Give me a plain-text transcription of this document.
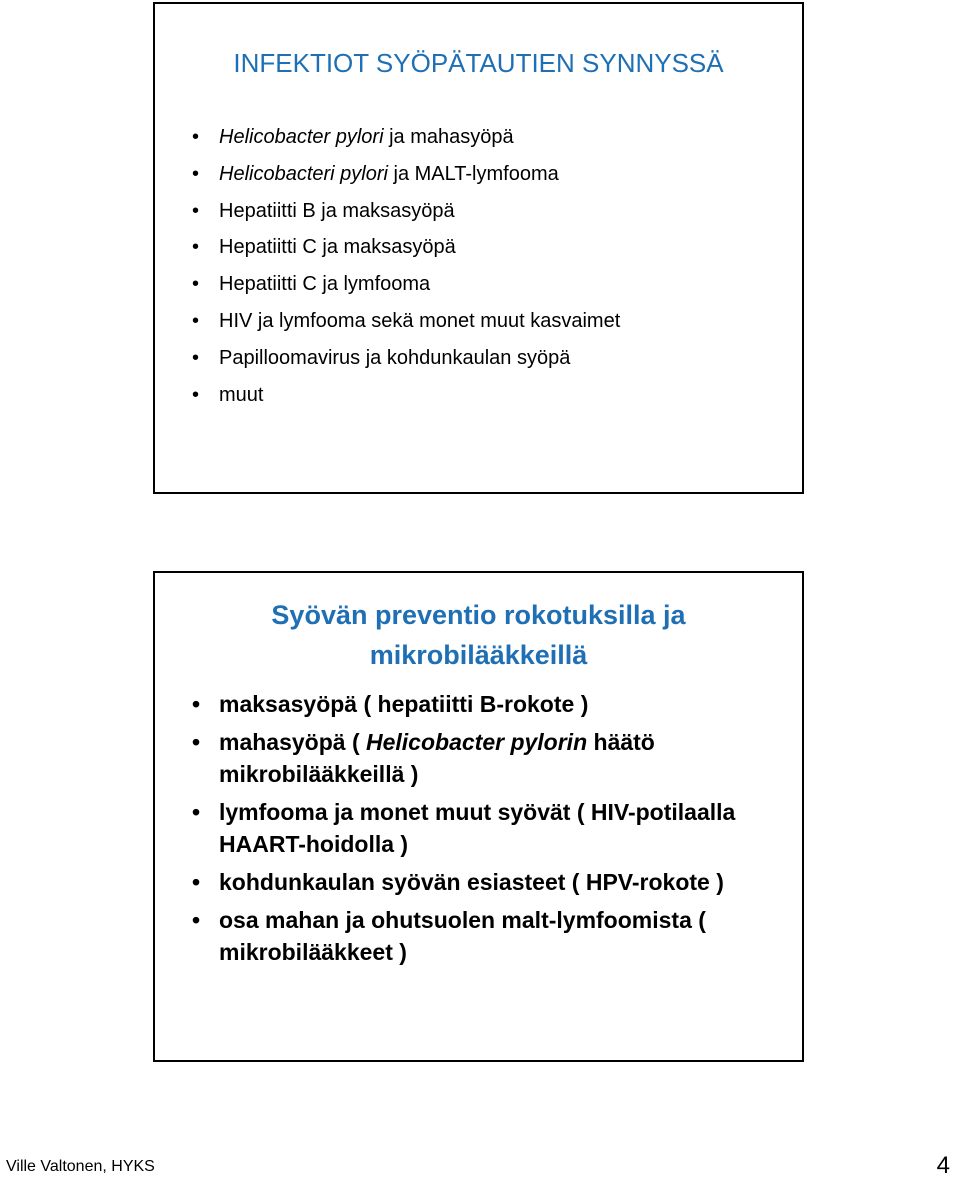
INFEKTIOT SYÖPÄTAUTIEN SYNNYSSÄ
• Helicobacter pylori ja mahasyöpä
• Helicobacteri pylori ja MALT-lymfooma
• Hepatiitti B ja maksasyöpä
• Hepatiitti C ja maksasyöpä
• Hepatiitti C ja lymfooma
• HIV ja lymfooma sekä monet muut kasvaimet
• Papilloomavirus ja kohdunkaulan syöpä
• muut
Syövän preventio rokotuksilla ja
mikrobilääkkeillä
• maksasyöpä ( hepatiitti B-rokote )
• mahasyöpä ( Helicobacter pylorin häätö mikrobilääkkeillä )
• lymfooma ja monet muut syövät ( HIV-potilaalla HAART-hoidolla )
• kohdunkaulan syövän esiasteet ( HPV-rokote )
• osa mahan ja ohutsuolen malt-lymfoomista ( mikrobilääkkeet )
Ville Valtonen, HYKS	4
